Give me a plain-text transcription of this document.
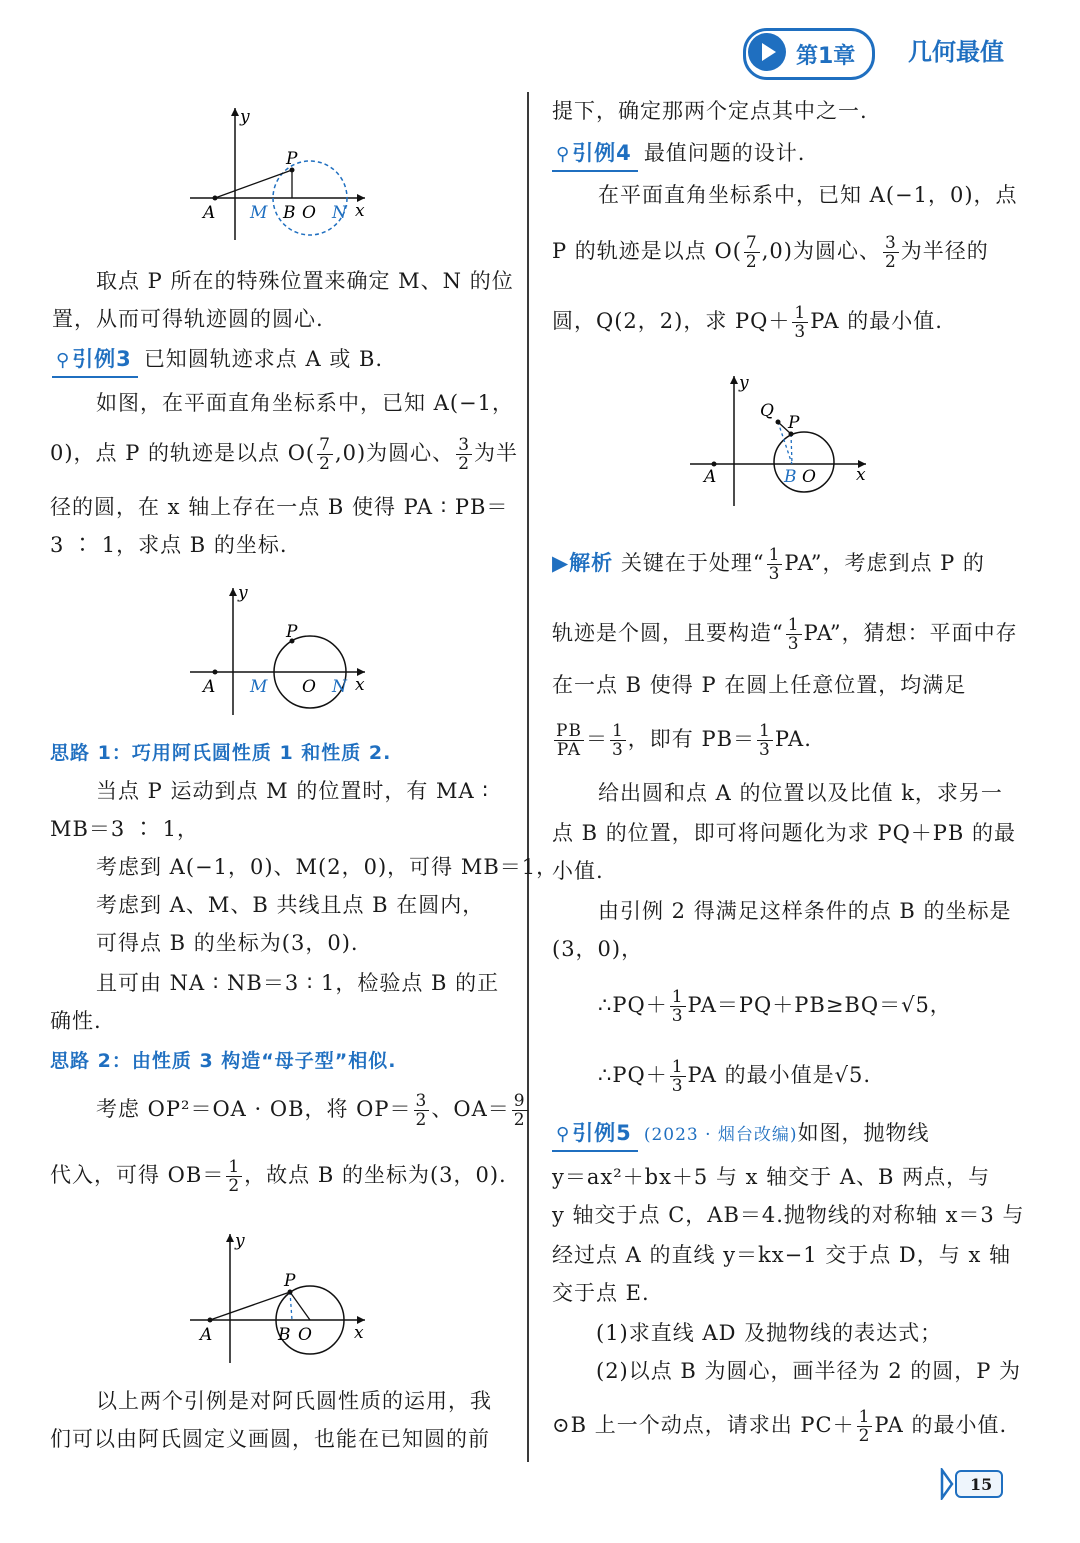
第1章 几何最值
y
x
P
A M B O N
取点 P 所在的特殊位置来确定 M、N 的位
置，从而可得轨迹圆的圆心.
⚲引例3 已知圆轨迹求点 A 或 B.
如图，在平面直角坐标系中，已知 A(−1，
0)，点 P 的轨迹是以点 $O( \frac{7}{2} ,0)$为圆心、 $\frac{3}{2}$ 为半
径的圆，在 x 轴上存在一点 B 使得 PA ∶ PB＝
3 ∶ 1，求点 B 的坐标.
y
x
P
A M O N
思路 1：巧用阿氏圆性质 1 和性质 2.
当点 P 运动到点 M 的位置时，有 MA ∶
MB＝3 ∶ 1，
考虑到 A(−1，0)、M(2，0)，可得 MB＝1，
考虑到 A、M、B 共线且点 B 在圆内，
可得点 B 的坐标为(3，0).
且可由 NA ∶ NB＝3 ∶ 1，检验点 B 的正
确性.
思路 2：由性质 3 构造“母子型”相似.
考虑 OP²＝OA · OB，将 $OP= \frac{3}{2}$ 、$OA= \frac{9}{2}$
代入，可得 $OB= \frac{1}{2}$ ，故点 B 的坐标为(3，0).
y
x
P
A	B O
以上两个引例是对阿氏圆性质的运用，我
们可以由阿氏圆定义画圆，也能在已知圆的前
提下，确定那两个定点其中之一.
⚲引例4 最值问题的设计.
在平面直角坐标系中，已知 A(−1，0)，点
P 的轨迹是以点 $O( \frac{7}{2} ,0)$为圆心、 $\frac{3}{2}$ 为半径的
圆，Q(2，2)，求 $PQ+ \frac{1}{3}$ PA 的最小值.
y
x
Q
P
A	B O
▶解析 关键在于处理“ $\frac{1}{3}$ PA”，考虑到点 P 的
轨迹是个圆，且要构造“ $\frac{1}{3}$ PA”，猜想：平面中存
在一点 B 使得 P 在圆上任意位置，均满足
$\frac{PB}{PA} = \frac{1}{3}$ ，即有 $PB= \frac{1}{3}$ PA.
给出圆和点 A 的位置以及比值 k，求另一
点 B 的位置，即可将问题化为求 PQ＋PB 的最
小值.
由引例 2 得满足这样条件的点 B 的坐标是
(3，0)，
∴PQ＋ $\frac{1}{3} PA=PQ+PB\ge BQ=√5$，
∴PQ＋ $\frac{1}{3}$ PA 的最小值是√5.
⚲引例5 (2023 · 烟台改编)如图，抛物线
y＝ax²＋bx＋5 与 x 轴交于 A、B 两点，与
y 轴交于点 C，AB＝4.抛物线的对称轴 x＝3 与
经过点 A 的直线 y＝kx−1 交于点 D，与 x 轴
交于点 E.
(1)求直线 AD 及抛物线的表达式；
(2)以点 B 为圆心，画半径为 2 的圆，P 为
⊙B 上一个动点，请求出 $PC+ \frac{1}{2}$ PA 的最小值.
15
